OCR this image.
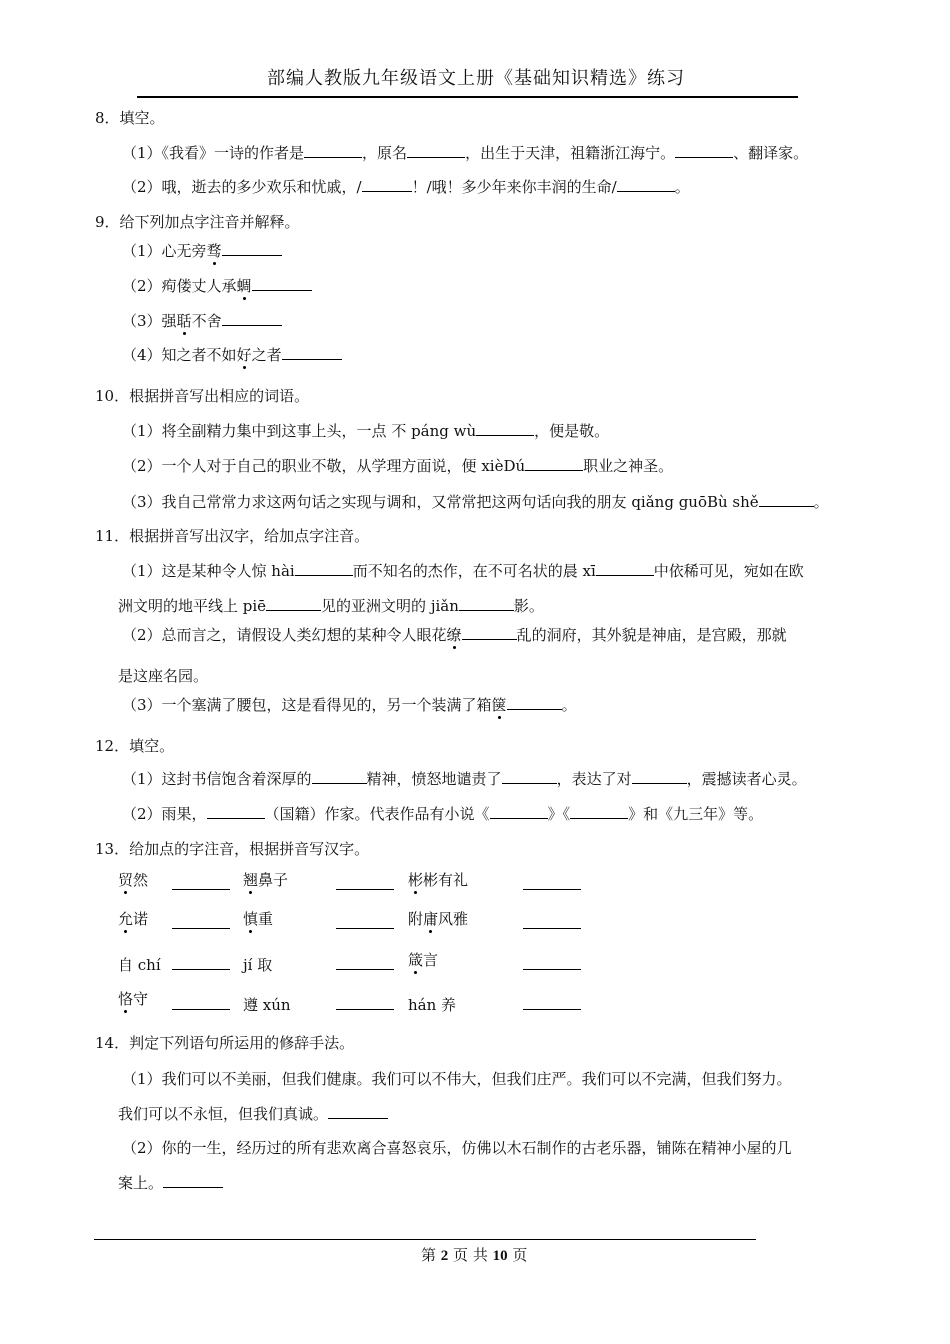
部编人教版九年级语文上册《基础知识精选》练习
8．填空。
（1）《我看》一诗的作者是	，原名	，出生于天津，祖籍浙江海宁。	、翻译家。
（2）哦，逝去的多少欢乐和忧戚，/	！/哦！多少年来你丰润的生命/	。
9．给下列加点字注音并解释。
（1）心无旁骛
（2）痀偻丈人承蜩
（3）强聒不舍
（4）知之者不如好之者
10．根据拼音写出相应的词语。
（1）将全副精力集中到这事上头，一点 不 páng wù	，便是敬。
（2）一个人对于自己的职业不敬，从学理方面说，便 xièDú	职业之神圣。
（3）我自己常常力求这两句话之实现与调和，又常常把这两句话向我的朋友 qiǎng guōBù shě	。
11．根据拼音写出汉字，给加点字注音。
（1）这是某种令人惊 hài	而不知名的杰作，在不可名状的晨 xī	中依稀可见，宛如在欧
洲文明的地平线上 piē	见的亚洲文明的 jiǎn	影。
（2）总而言之，请假设人类幻想的某种令人眼花缭	乱的洞府，其外貌是神庙，是宫殿，那就
是这座名园。
（3）一个塞满了腰包，这是看得见的，另一个装满了箱箧	。
12．填空。
（1）这封书信饱含着深厚的	精神，愤怒地谴责了	，表达了对	，震撼读者心灵。
（2）雨果，	（国籍）作家。代表作品有小说《	》《	》和《九三年》等。
13．给加点的字注音，根据拼音写汉字。
贸然	翘鼻子	彬彬有礼
允诺	慎重	附庸风雅
自 chí	jí 取	箴言
恪守	遵 xún	hán 养
14．判定下列语句所运用的修辞手法。
（1）我们可以不美丽，但我们健康。我们可以不伟大，但我们庄严。我们可以不完满，但我们努力。
我们可以不永恒，但我们真诚。
（2）你的一生，经历过的所有悲欢离合喜怒哀乐，仿佛以木石制作的古老乐器，铺陈在精神小屋的几
案上。
第 2 页 共 10 页
